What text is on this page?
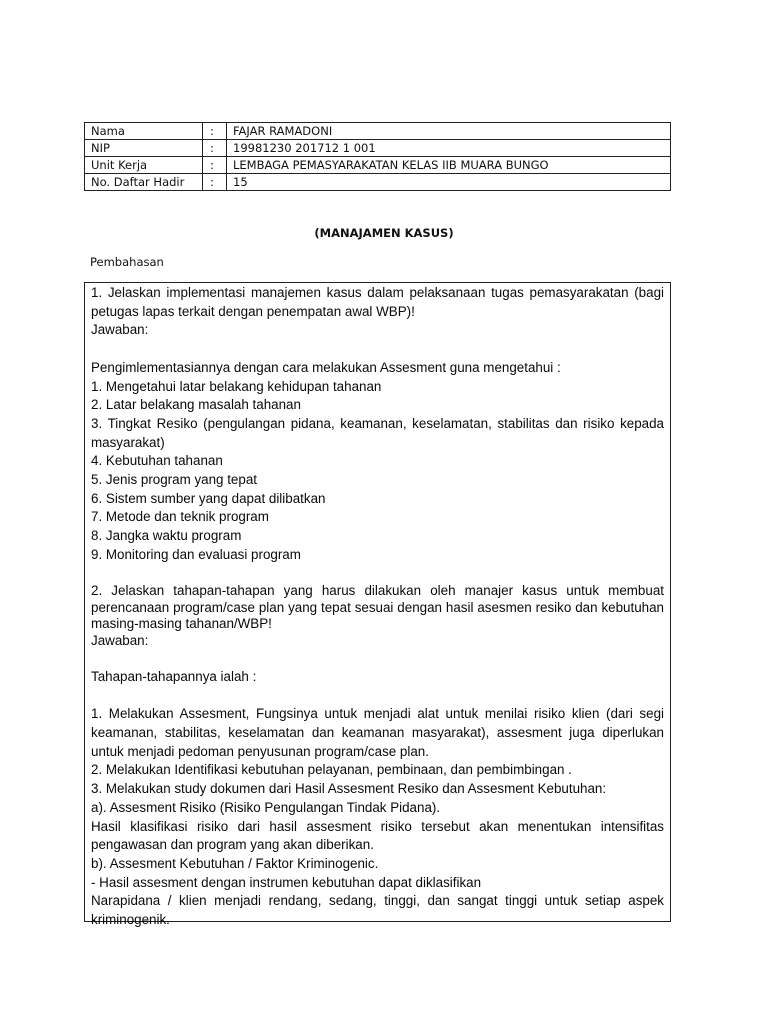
Nama	:	FAJAR RAMADONI
NIP	:	19981230 201712 1 001
Unit Kerja	:	LEMBAGA PEMASYARAKATAN KELAS IIB MUARA BUNGO
No. Daftar Hadir	:	15
(MANAJAMEN KASUS)
Pembahasan

1. Jelaskan implementasi manajemen kasus dalam pelaksanaan tugas pemasyarakatan (bagi petugas lapas terkait dengan penempatan awal WBP)!

Jawaban:

Pengimlementasiannya dengan cara melakukan Assesment guna mengetahui :

1. Mengetahui latar belakang kehidupan tahanan

2. Latar belakang masalah tahanan

3. Tingkat Resiko (pengulangan pidana, keamanan, keselamatan, stabilitas dan risiko kepada masyarakat)

4. Kebutuhan tahanan

5. Jenis program yang tepat

6. Sistem sumber yang dapat dilibatkan

7. Metode dan teknik program

8. Jangka waktu program

9. Monitoring dan evaluasi program

2. Jelaskan tahapan-tahapan yang harus dilakukan oleh manajer kasus untuk membuat perencanaan program/case plan yang tepat sesuai dengan hasil asesmen resiko dan kebutuhan masing-masing tahanan/WBP!

Jawaban:

Tahapan-tahapannya ialah :

1. Melakukan Assesment, Fungsinya untuk menjadi alat untuk menilai risiko klien (dari segi keamanan, stabilitas, keselamatan dan keamanan masyarakat), assesment juga diperlukan untuk menjadi pedoman penyusunan program/case plan.

2. Melakukan Identifikasi kebutuhan pelayanan, pembinaan, dan pembimbingan .

3. Melakukan study dokumen dari Hasil Assesment Resiko dan Assesment Kebutuhan:

a). Assesment Risiko (Risiko Pengulangan Tindak Pidana).

Hasil klasifikasi risiko dari hasil assesment risiko tersebut akan menentukan intensifitas pengawasan dan program yang akan diberikan.

b). Assesment Kebutuhan / Faktor Kriminogenic.

- Hasil assesment dengan instrumen kebutuhan dapat diklasifikan

Narapidana / klien menjadi rendang, sedang, tinggi, dan sangat tinggi untuk setiap aspek kriminogenik.
